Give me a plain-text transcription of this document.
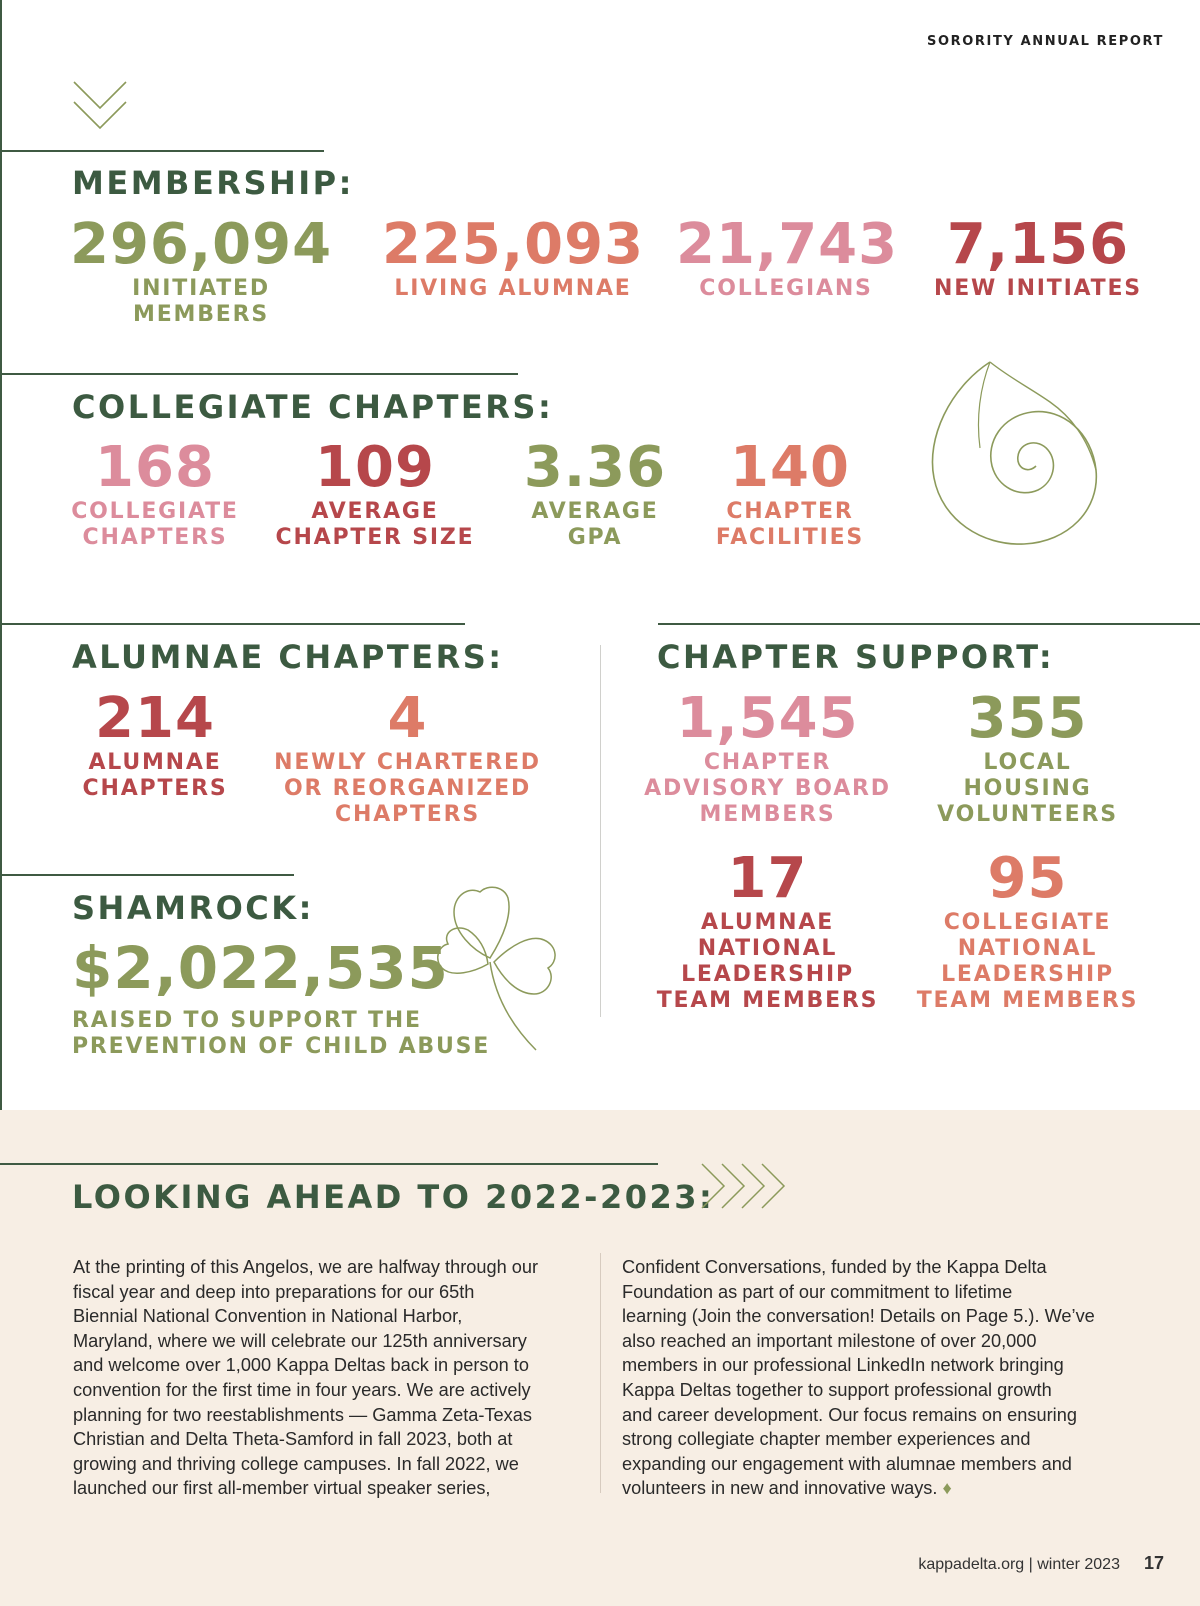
SORORITY ANNUAL REPORT
MEMBERSHIP:
296,094
INITIATED MEMBERS
225,093
LIVING ALUMNAE
21,743
COLLEGIANS
7,156
NEW INITIATES
COLLEGIATE CHAPTERS:
168
COLLEGIATE
CHAPTERS
109
AVERAGE
CHAPTER SIZE
3.36
AVERAGE
GPA
140
CHAPTER
FACILITIES
ALUMNAE CHAPTERS:
214
ALUMNAE
CHAPTERS
4
NEWLY CHARTERED
OR REORGANIZED
CHAPTERS
CHAPTER SUPPORT:
1,545
CHAPTER
ADVISORY BOARD
MEMBERS
355
LOCAL
HOUSING
VOLUNTEERS
17
ALUMNAE
NATIONAL
LEADERSHIP
TEAM MEMBERS
95
COLLEGIATE
NATIONAL
LEADERSHIP
TEAM MEMBERS
SHAMROCK:
$2,022,535
RAISED TO SUPPORT THE
PREVENTION OF CHILD ABUSE
LOOKING AHEAD TO 2022-2023:
At the printing of this Angelos, we are halfway through our
fiscal year and deep into preparations for our 65th
Biennial National Convention in National Harbor,
Maryland, where we will celebrate our 125th anniversary
and welcome over 1,000 Kappa Deltas back in person to
convention for the first time in four years. We are actively
planning for two reestablishments — Gamma Zeta-Texas
Christian and Delta Theta-Samford in fall 2023, both at
growing and thriving college campuses. In fall 2022, we
launched our first all-member virtual speaker series,
Confident Conversations, funded by the Kappa Delta
Foundation as part of our commitment to lifetime
learning (Join the conversation! Details on Page 5.). We’ve
also reached an important milestone of over 20,000
members in our professional LinkedIn network bringing
Kappa Deltas together to support professional growth
and career development. Our focus remains on ensuring
strong collegiate chapter member experiences and
expanding our engagement with alumnae members and
volunteers in new and innovative ways. ♦
kappadelta.org | winter 2023 17
